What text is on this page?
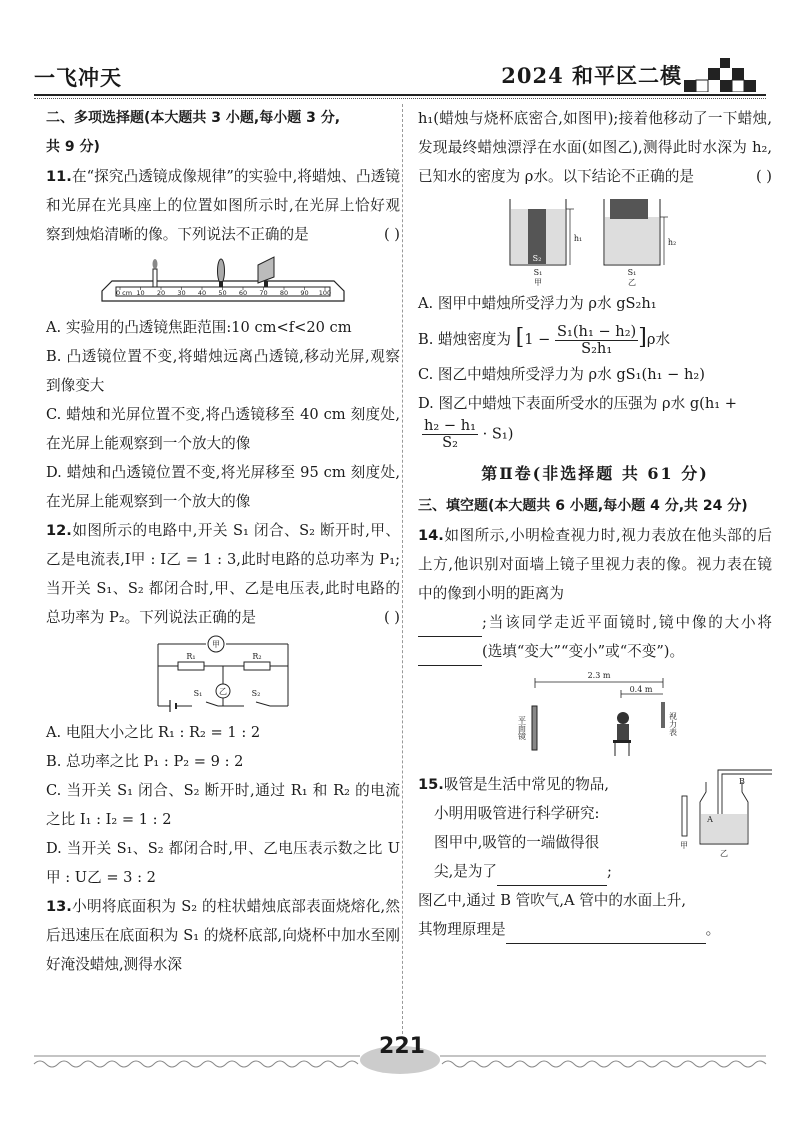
一飞冲天	2024 和平区二模

二、多项选择题(本大题共 3 小题,每小题 3 分,
共 9 分)

11.在“探究凸透镜成像规律”的实验中,将蜡烛、凸透镜和光屏在光具座上的位置如图所示时,在光屏上恰好观察到烛焰清晰的像。下列说法不正确的是	( )

0 cm 10 20 30 40 50 60 70 80 90 100

A. 实验用的凸透镜焦距范围:10 cm<f<20 cm

B. 凸透镜位置不变,将蜡烛远离凸透镜,移动光屏,观察到像变大

C. 蜡烛和光屏位置不变,将凸透镜移至 40 cm 刻度处,在光屏上能观察到一个放大的像

D. 蜡烛和凸透镜位置不变,将光屏移至 95 cm 刻度处,在光屏上能观察到一个放大的像

12.如图所示的电路中,开关 S₁ 闭合、S₂ 断开时,甲、乙是电流表,I甲 : I乙 = 1 : 3,此时电路的总功率为 P₁;当开关 S₁、S₂ 都闭合时,甲、乙是电压表,此时电路的总功率为 P₂。下列说法正确的是	( )

甲
乙
R₁	R₂
S₁	S₂

A. 电阻大小之比 R₁ : R₂ = 1 : 2

B. 总功率之比 P₁ : P₂ = 9 : 2

C. 当开关 S₁ 闭合、S₂ 断开时,通过 R₁ 和 R₂ 的电流之比 I₁ : I₂ = 1 : 2

D. 当开关 S₁、S₂ 都闭合时,甲、乙电压表示数之比 U甲 : U乙 = 3 : 2

13.小明将底面积为 S₂ 的柱状蜡烛底部表面烧熔化,然后迅速压在底面积为 S₁ 的烧杯底部,向烧杯中加水至刚好淹没蜡烛,测得水深

h₁(蜡烛与烧杯底密合,如图甲);接着他移动了一下蜡烛,发现最终蜡烛漂浮在水面(如图乙),测得此时水深为 h₂,已知水的密度为 ρ水。以下结论不正确的是	( )

S₂
h₁	h₂
S₁	S₁
甲	乙

A. 图甲中蜡烛所受浮力为 ρ水 gS₂h₁

B. 蜡烛密度为 $[1 - \frac{\text{S₁(h₁ − h₂)}}{\text{S₂h₁}} ]\rho$水

C. 图乙中蜡烛所受浮力为 ρ水 gS₁(h₁ − h₂)

D. 图乙中蜡烛下表面所受水的压强为 ρ水 g(h₁ +

$\frac{\text{h₂ − h₁}}{\text{S₂}} \cdot S_1$)

第Ⅱ卷(非选择题 共 61 分)

三、填空题(本大题共 6 小题,每小题 4 分,共 24 分)

14.如图所示,小明检查视力时,视力表放在他头部的后上方,他识别对面墙上镜子里视力表的像。视力表在镜中的像到小明的距离为
;当该同学走近平面镜时,镜中像的大小将(选填“变大”“变小”或“不变”)。

2.3 m
0.4 m
平面镜	视力表
A
B
甲
乙

15.吸管是生活中常见的物品,

小明用吸管进行科学研究:

图甲中,吸管的一端做得很

尖,是为了	;

图乙中,通过 B 管吹气,A 管中的水面上升,

其物理原理是	。

221
